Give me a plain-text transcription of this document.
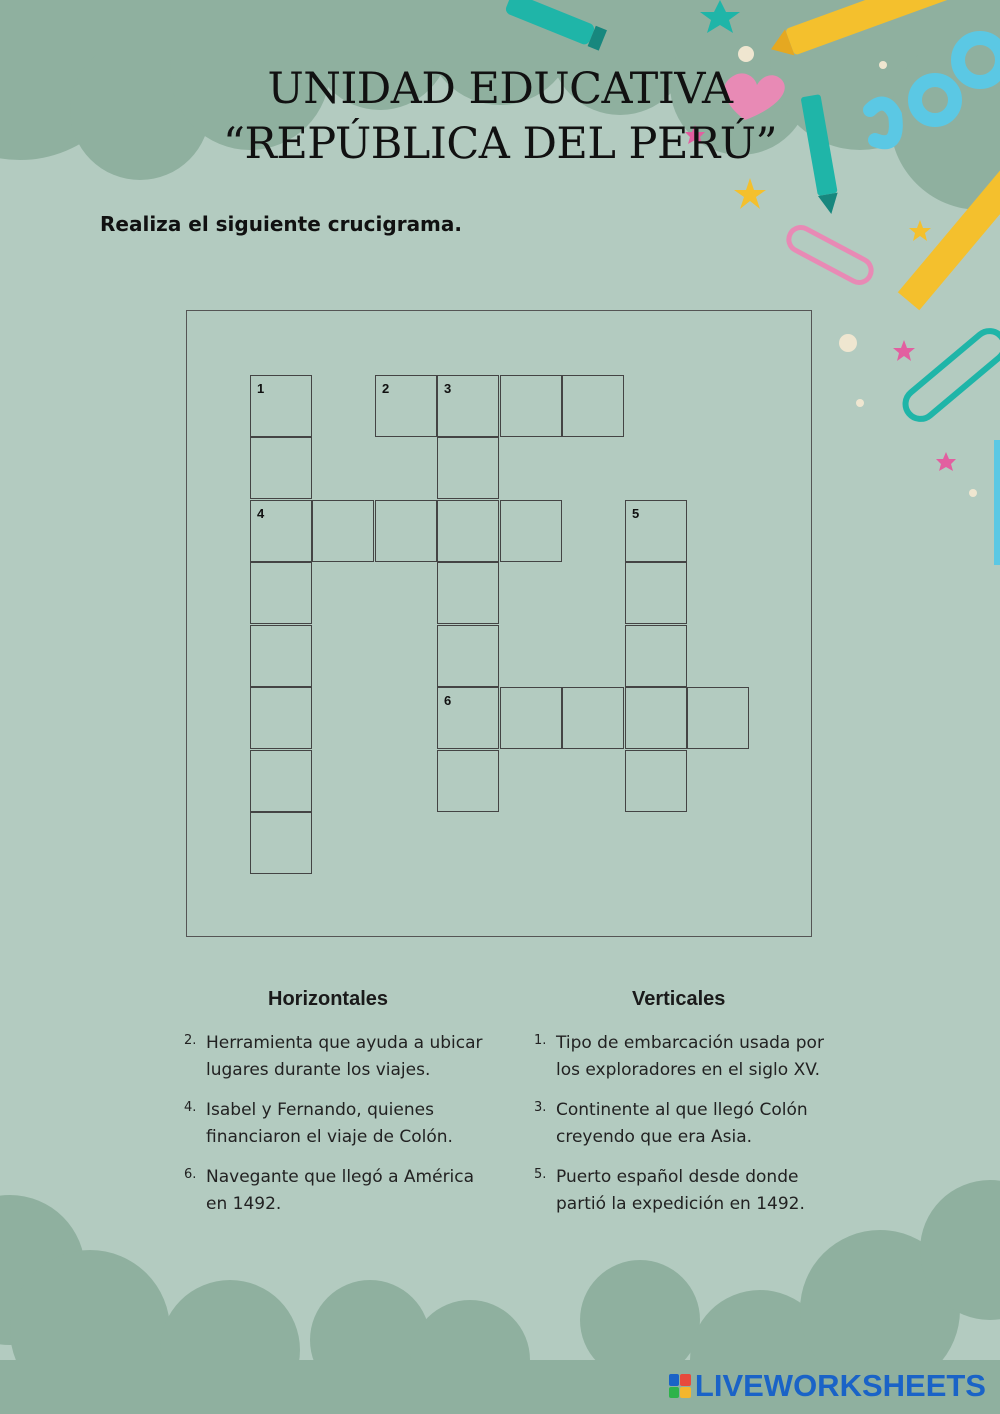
UNIDAD EDUCATIVA
“REPÚBLICA DEL PERÚ”
Realiza el siguiente crucigrama.
1
4
2	3
6
5
Horizontales	Verticales
2. Herramienta que ayuda a ubicar lugares durante los viajes.
4. Isabel y Fernando, quienes financiaron el viaje de Colón.
6. Navegante que llegó a América en 1492.
1. Tipo de embarcación usada por los exploradores en el siglo XV.
3. Continente al que llegó Colón creyendo que era Asia.
5. Puerto español desde donde partió la expedición en 1492.
LIVEWORKSHEETS
